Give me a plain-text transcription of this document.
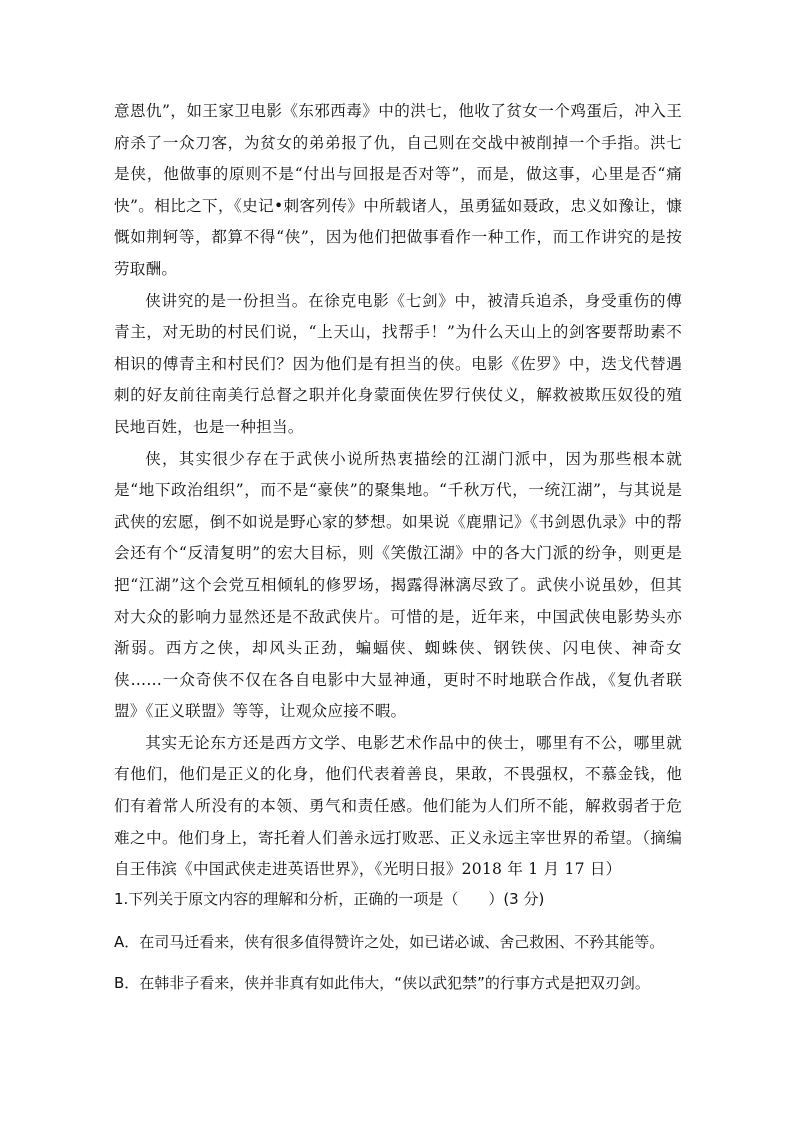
意恩仇”，如王家卫电影《东邪西毒》中的洪七，他收了贫女一个鸡蛋后，冲入王府杀了一众刀客，为贫女的弟弟报了仇，自己则在交战中被削掉一个手指。洪七是侠，他做事的原则不是“付出与回报是否对等”，而是，做这事，心里是否“痛快”。相比之下，《史记•刺客列传》中所载诸人，虽勇猛如聂政，忠义如豫让，慷慨如荆轲等，都算不得“侠”，因为他们把做事看作一种工作，而工作讲究的是按劳取酬。

侠讲究的是一份担当。在徐克电影《七剑》中，被清兵追杀，身受重伤的傅青主，对无助的村民们说，“上天山，找帮手！”为什么天山上的剑客要帮助素不相识的傅青主和村民们？因为他们是有担当的侠。电影《佐罗》中，迭戈代替遇刺的好友前往南美行总督之职并化身蒙面侠佐罗行侠仗义，解救被欺压奴役的殖民地百姓，也是一种担当。

侠，其实很少存在于武侠小说所热衷描绘的江湖门派中，因为那些根本就是“地下政治组织”，而不是“豪侠”的聚集地。“千秋万代，一统江湖”，与其说是武侠的宏愿，倒不如说是野心家的梦想。如果说《鹿鼎记》《书剑恩仇录》中的帮会还有个“反清复明”的宏大目标，则《笑傲江湖》中的各大门派的纷争，则更是把“江湖”这个会党互相倾轧的修罗场，揭露得淋漓尽致了。武侠小说虽妙，但其对大众的影响力显然还是不敌武侠片。可惜的是，近年来，中国武侠电影势头亦渐弱。西方之侠，却风头正劲，蝙蝠侠、蜘蛛侠、钢铁侠、闪电侠、神奇女侠……一众奇侠不仅在各自电影中大显神通，更时不时地联合作战，《复仇者联盟》《正义联盟》等等，让观众应接不暇。

其实无论东方还是西方文学、电影艺术作品中的侠士，哪里有不公，哪里就有他们，他们是正义的化身，他们代表着善良，果敢，不畏强权，不慕金钱，他们有着常人所没有的本领、勇气和责任感。他们能为人们所不能，解救弱者于危难之中。他们身上，寄托着人们善永远打败恶、正义永远主宰世界的希望。（摘编自王伟滨《中国武侠走进英语世界》，《光明日报》2018 年 1 月 17 日）

1.下列关于原文内容的理解和分析，正确的一项是（　　）(3 分)

A．在司马迁看来，侠有很多值得赞许之处，如已诺必诚、舍己救困、不矜其能等。

B．在韩非子看来，侠并非真有如此伟大，“侠以武犯禁”的行事方式是把双刃剑。
